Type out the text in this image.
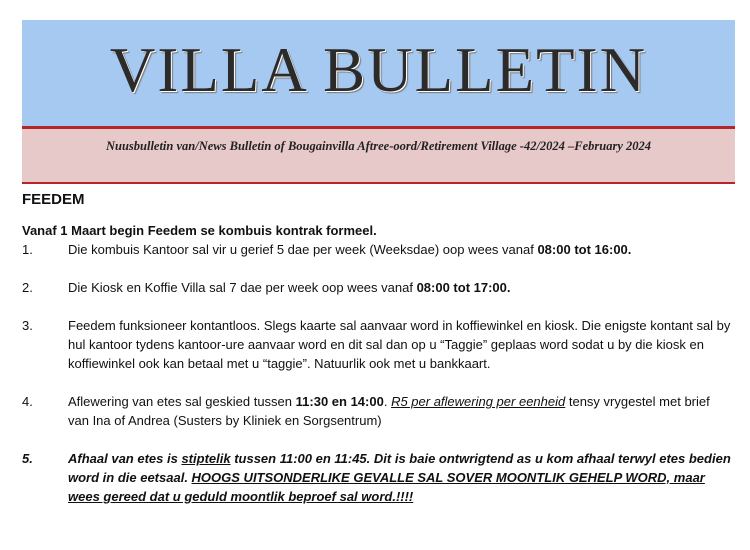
VILLA BULLETIN
Nuusbulletin van/News Bulletin of Bougainvilla Aftree-oord/Retirement Village -42/2024 –February 2024
FEEDEM
Vanaf 1 Maart begin Feedem se kombuis kontrak formeel.
1.	Die kombuis Kantoor sal vir u gerief 5 dae per week (Weeksdae) oop wees vanaf 08:00 tot 16:00.
2.	Die Kiosk en Koffie Villa sal 7 dae per week oop wees vanaf 08:00 tot 17:00.
3.	Feedem funksioneer kontantloos. Slegs kaarte sal aanvaar word in koffiewinkel en kiosk. Die enigste kontant sal by hul kantoor tydens kantoor-ure aanvaar word en dit sal dan op u “Taggie” geplaas word sodat u by die kiosk en koffiewinkel ook kan betaal met u “taggie”. Natuurlik ook met u bankkaart.
4.	Aflewering van etes sal geskied tussen 11:30 en 14:00. R5 per aflewering per eenheid tensy vrygestel met brief van Ina of Andrea (Susters by Kliniek en Sorgsentrum)
5.	Afhaal van etes is stiptelik tussen 11:00 en 11:45. Dit is baie ontwrigtend as u kom afhaal terwyl etes bedien word in die eetsaal. HOOGS UITSONDERLIKE GEVALLE SAL SOVER MOONTLIK GEHELP WORD, maar wees gereed dat u geduld moontlik beproef sal word.!!!!
